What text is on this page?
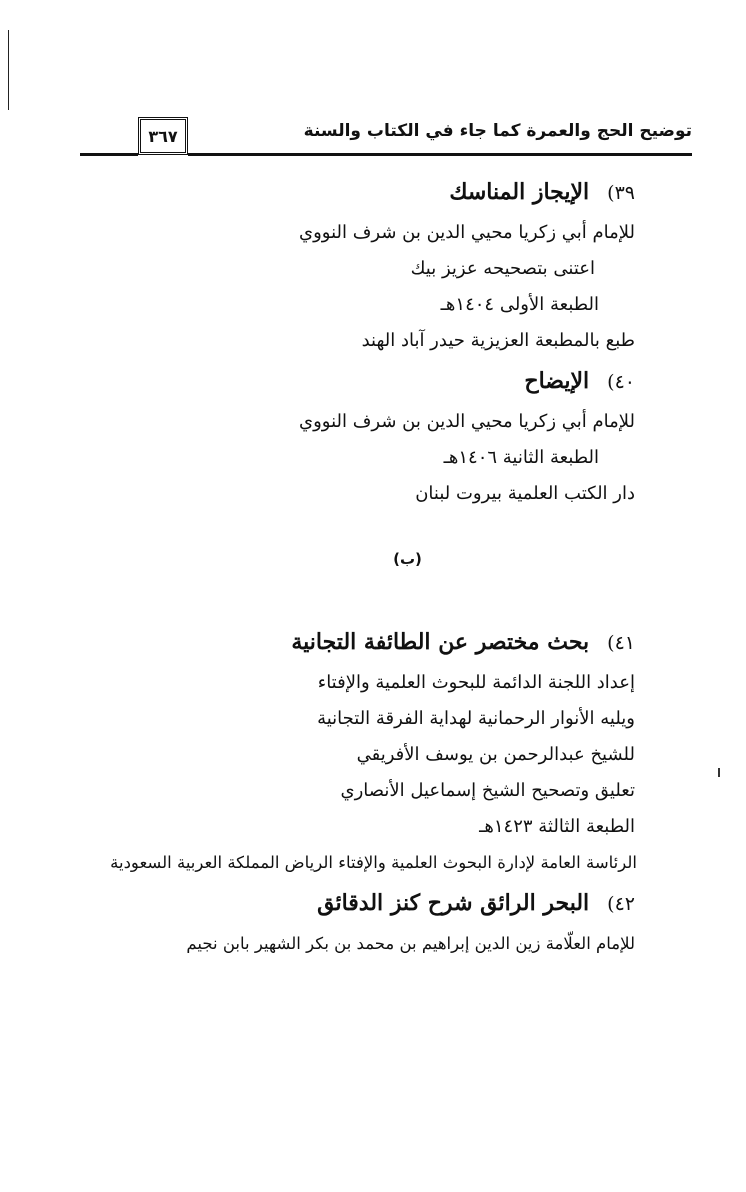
توضيح الحج والعمرة كما جاء في الكتاب والسنة
٣٦٧
٣٩)الإيجاز المناسك
للإمام أبي زكريا محيي الدين بن شرف النووي
اعتنى بتصحيحه عزيز بيك
الطبعة الأولى ١٤٠٤هـ
طبع بالمطبعة العزيزية حيدر آباد الهند
٤٠)الإيضاح
للإمام أبي زكريا محيي الدين بن شرف النووي
الطبعة الثانية ١٤٠٦هـ
دار الكتب العلمية بيروت لبنان
(ب)
٤١)بحث مختصر عن الطائفة التجانية
إعداد اللجنة الدائمة للبحوث العلمية والإفتاء
ويليه الأنوار الرحمانية لهداية الفرقة التجانية
للشيخ عبدالرحمن بن يوسف الأفريقي
تعليق وتصحيح الشيخ إسماعيل الأنصاري
الطبعة الثالثة ١٤٢٣هـ
الرئاسة العامة لإدارة البحوث العلمية والإفتاء الرياض المملكة العربية السعودية
٤٢)البحر الرائق شرح كنز الدقائق
للإمام العلّامة زين الدين إبراهيم بن محمد بن بكر الشهير بابن نجيم
